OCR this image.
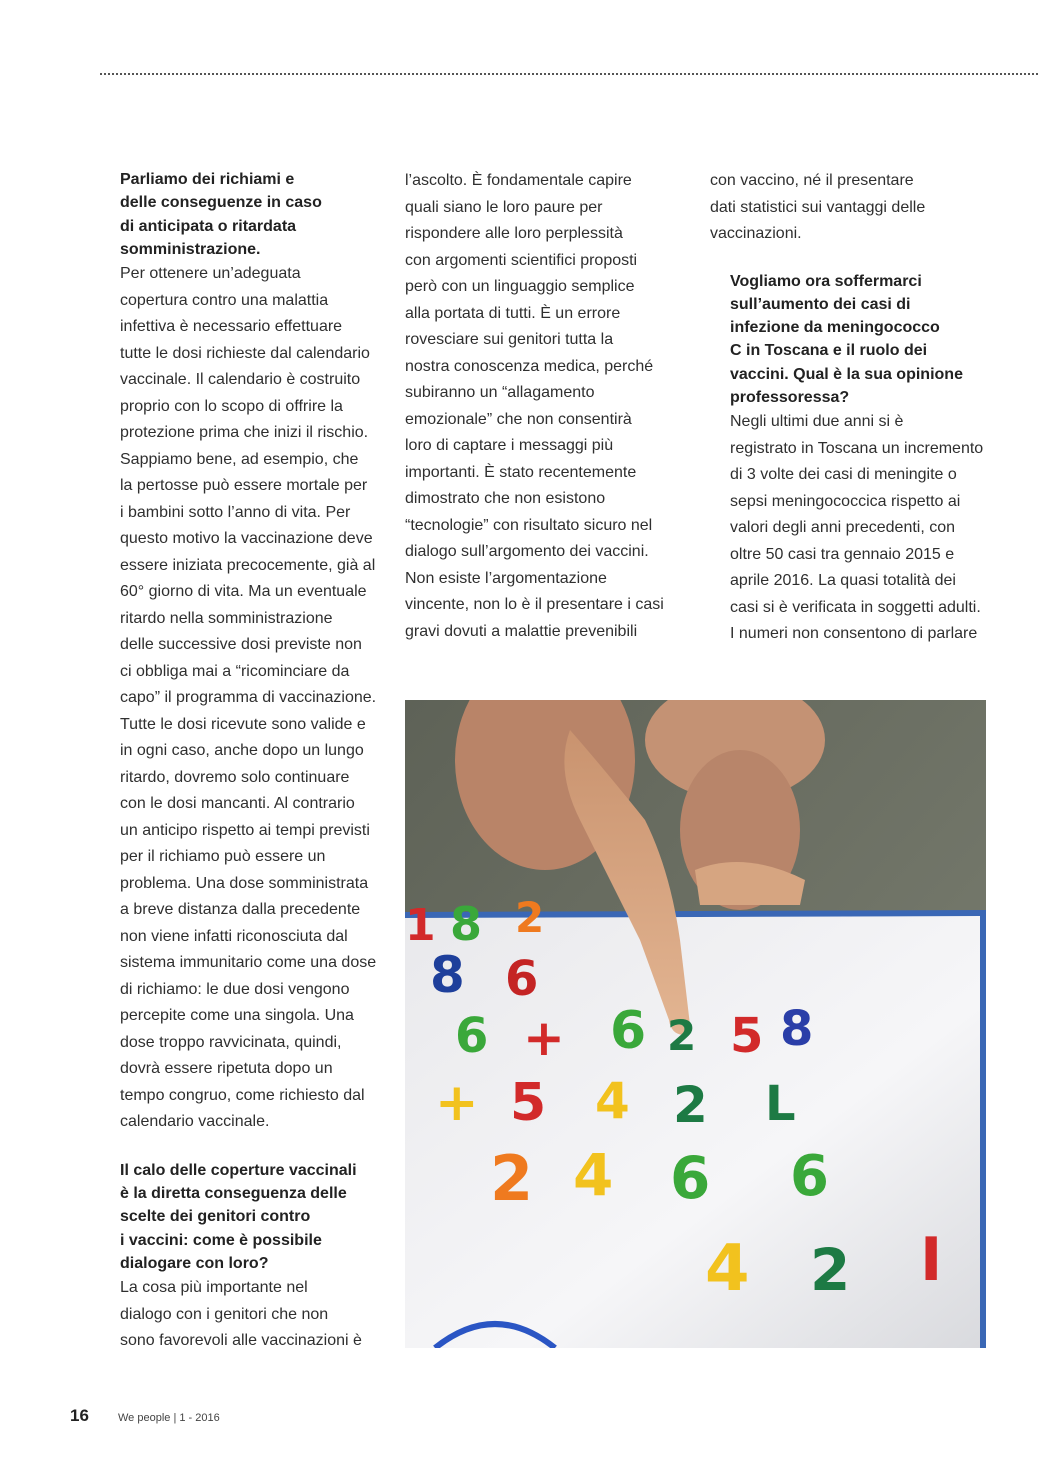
Parliamo dei richiami e
delle conseguenze in caso
di anticipata o ritardata
somministrazione.

Per ottenere un’adeguata
copertura contro una malattia
infettiva è necessario effettuare
tutte le dosi richieste dal calendario
vaccinale. Il calendario è costruito
proprio con lo scopo di offrire la
protezione prima che inizi il rischio.
Sappiamo bene, ad esempio, che
la pertosse può essere mortale per
i bambini sotto l’anno di vita. Per
questo motivo la vaccinazione deve
essere iniziata precocemente, già al
60° giorno di vita. Ma un eventuale
ritardo nella somministrazione
delle successive dosi previste non
ci obbliga mai a “ricominciare da
capo” il programma di vaccinazione.
Tutte le dosi ricevute sono valide e
in ogni caso, anche dopo un lungo
ritardo, dovremo solo continuare
con le dosi mancanti. Al contrario
un anticipo rispetto ai tempi previsti
per il richiamo può essere un
problema. Una dose somministrata
a breve distanza dalla precedente
non viene infatti riconosciuta dal
sistema immunitario come una dose
di richiamo: le due dosi vengono
percepite come una singola. Una
dose troppo ravvicinata, quindi,
dovrà essere ripetuta dopo un
tempo congruo, come richiesto dal
calendario vaccinale.

Il calo delle coperture vaccinali
è la diretta conseguenza delle
scelte dei genitori contro
i vaccini: come è possibile
dialogare con loro?

La cosa più importante nel
dialogo con i genitori che non
sono favorevoli alle vaccinazioni è

l’ascolto. È fondamentale capire
quali siano le loro paure per
rispondere alle loro perplessità
con argomenti scientifici proposti
però con un linguaggio semplice
alla portata di tutti. È un errore
rovesciare sui genitori tutta la
nostra conoscenza medica, perché
subiranno un “allagamento
emozionale” che non consentirà
loro di captare i messaggi più
importanti. È stato recentemente
dimostrato che non esistono
“tecnologie” con risultato sicuro nel
dialogo sull’argomento dei vaccini.
Non esiste l’argomentazione
vincente, non lo è il presentare i casi
gravi dovuti a malattie prevenibili

con vaccino, né il presentare
dati statistici sui vantaggi delle
vaccinazioni.

Vogliamo ora soffermarci
sull’aumento dei casi di
infezione da meningococco
C in Toscana e il ruolo dei
vaccini. Qual è la sua opinione
professoressa?

Negli ultimi due anni si è
registrato in Toscana un incremento
di 3 volte dei casi di meningite o
sepsi meningococcica rispetto ai
valori degli anni precedenti, con
oltre 50 casi tra gennaio 2015 e
aprile 2016. La quasi totalità dei
casi si è verificata in soggetti adulti.
I numeri non consentono di parlare

8 2
8 6
6 + 6 2 5 8
+ 5 4 2 L
2 4 6 6
4 2 I
1
16	We people | 1 - 2016
